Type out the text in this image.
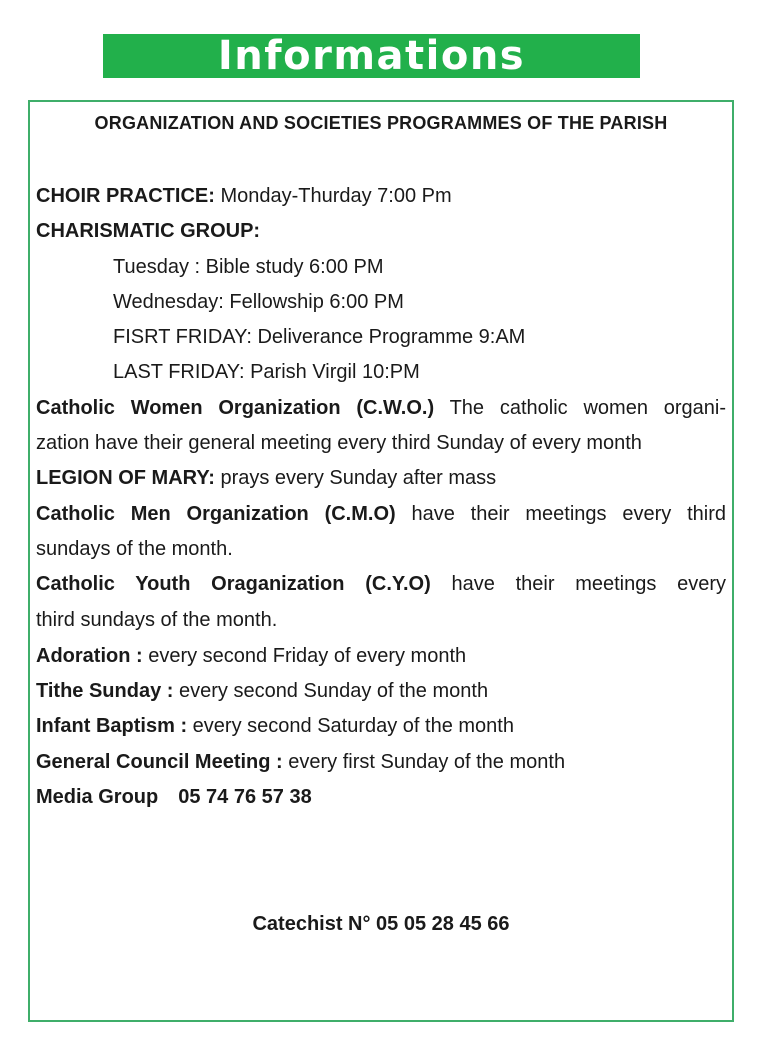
Informations
ORGANIZATION AND SOCIETIES PROGRAMMES OF THE PARISH
CHOIR PRACTICE: Monday-Thurday 7:00 Pm
CHARISMATIC GROUP:
Tuesday : Bible study 6:00 PM
Wednesday: Fellowship 6:00 PM
FISRT FRIDAY: Deliverance Programme 9:AM
LAST FRIDAY: Parish Virgil 10:PM
Catholic Women Organization (C.W.O.) The catholic women organi-
zation have their general meeting every third Sunday of every month
LEGION OF MARY: prays every Sunday after mass
Catholic Men Organization (C.M.O) have their meetings every third
sundays of the month.
Catholic Youth Oraganization (C.Y.O) have their meetings every
third sundays of the month.
Adoration : every second Friday of every month
Tithe Sunday : every second Sunday of the month
Infant Baptism : every second Saturday of the month
General Council Meeting : every first Sunday of the month
Media Group 05 74 76 57 38
Catechist N° 05 05 28 45 66
